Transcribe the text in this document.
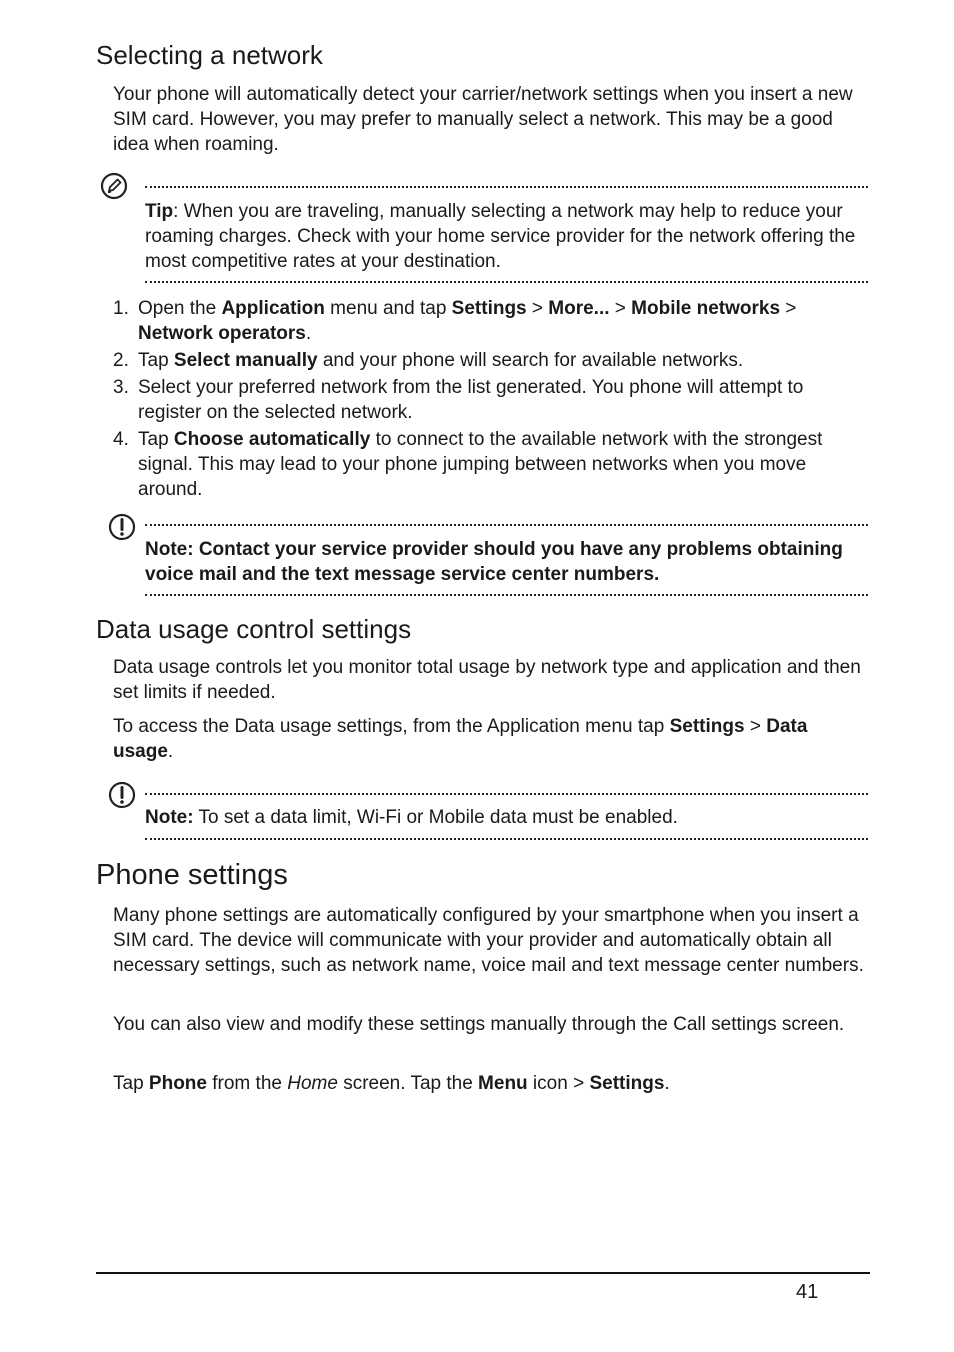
Selecting a network

Your phone will automatically detect your carrier/network settings when you insert a new SIM card. However, you may prefer to manually select a network. This may be a good idea when roaming.

Tip: When you are traveling, manually selecting a network may help to reduce your roaming charges. Check with your home service provider for the network offering the most competitive rates at your destination.

1. Open the Application menu and tap Settings > More... > Mobile networks > Network operators.
2. Tap Select manually and your phone will search for available networks.
3. Select your preferred network from the list generated. You phone will attempt to register on the selected network.
4. Tap Choose automatically to connect to the available network with the strongest signal. This may lead to your phone jumping between networks when you move around.

Note: Contact your service provider should you have any problems obtaining voice mail and the text message service center numbers.

Data usage control settings

Data usage controls let you monitor total usage by network type and application and then set limits if needed.

To access the Data usage settings, from the Application menu tap Settings > Data usage.

Note: To set a data limit, Wi-Fi or Mobile data must be enabled.

Phone settings

Many phone settings are automatically configured by your smartphone when you insert a SIM card. The device will communicate with your provider and automatically obtain all necessary settings, such as network name, voice mail and text message center numbers.

You can also view and modify these settings manually through the Call settings screen.

Tap Phone from the Home screen. Tap the Menu icon > Settings.

41
